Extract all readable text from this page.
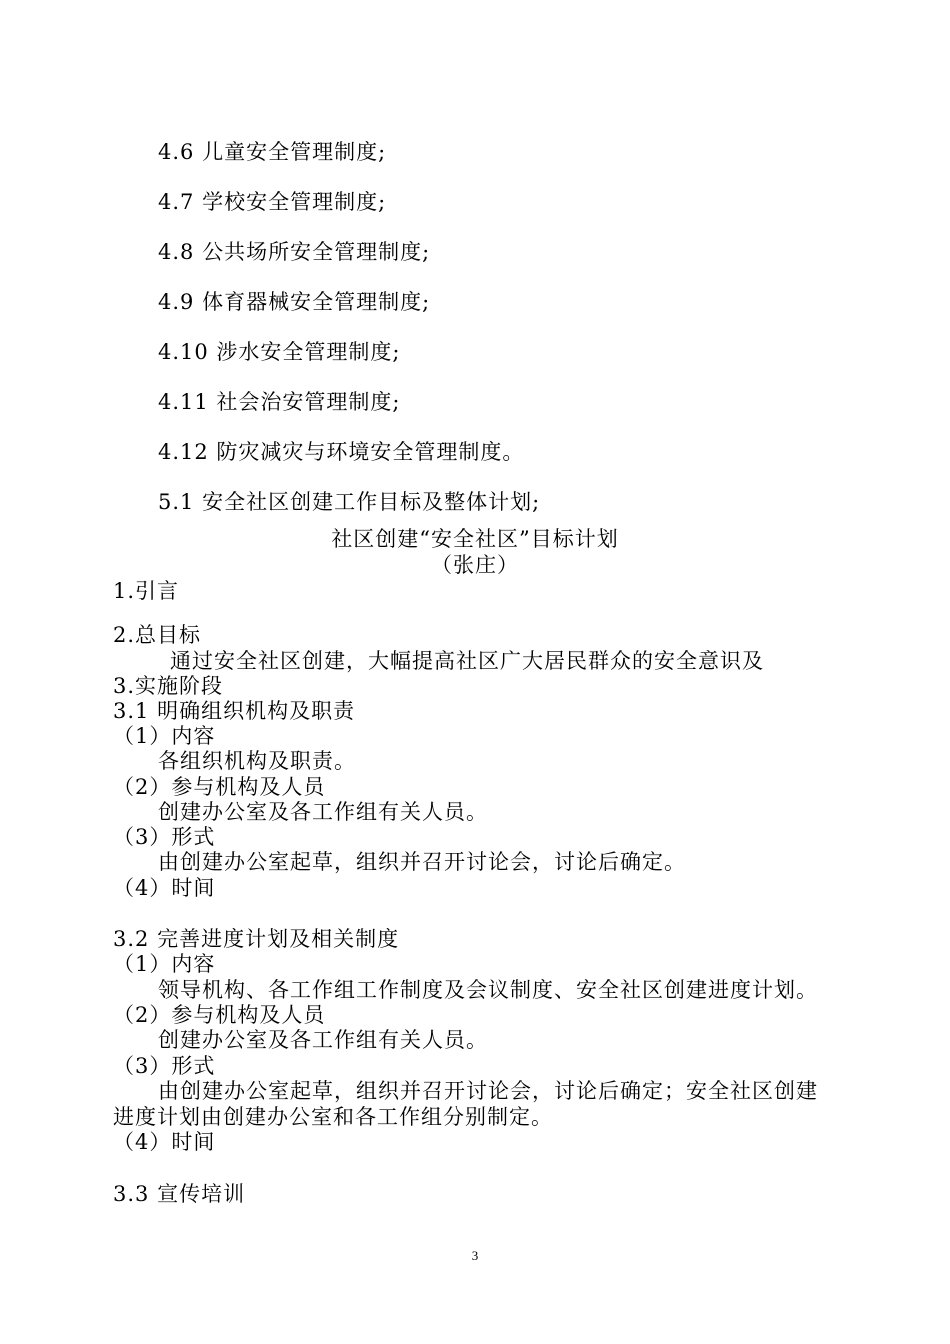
4.6 儿童安全管理制度;
4.7 学校安全管理制度;
4.8 公共场所安全管理制度;
4.9 体育器械安全管理制度;
4.10 涉水安全管理制度;
4.11 社会治安管理制度;
4.12 防灾减灾与环境安全管理制度。
5.1 安全社区创建工作目标及整体计划;
社区创建“安全社区”目标计划
（张庄）
1.引言
2.总目标
通过安全社区创建，大幅提高社区广大居民群众的安全意识及
3.实施阶段
3.1 明确组织机构及职责
（1）内容
各组织机构及职责。
（2）参与机构及人员
创建办公室及各工作组有关人员。
（3）形式
由创建办公室起草，组织并召开讨论会，讨论后确定。
（4）时间
3.2 完善进度计划及相关制度
（1）内容
领导机构、各工作组工作制度及会议制度、安全社区创建进度计划。
（2）参与机构及人员
创建办公室及各工作组有关人员。
（3）形式
由创建办公室起草，组织并召开讨论会，讨论后确定；安全社区创建
进度计划由创建办公室和各工作组分别制定。
（4）时间
3.3 宣传培训
3
